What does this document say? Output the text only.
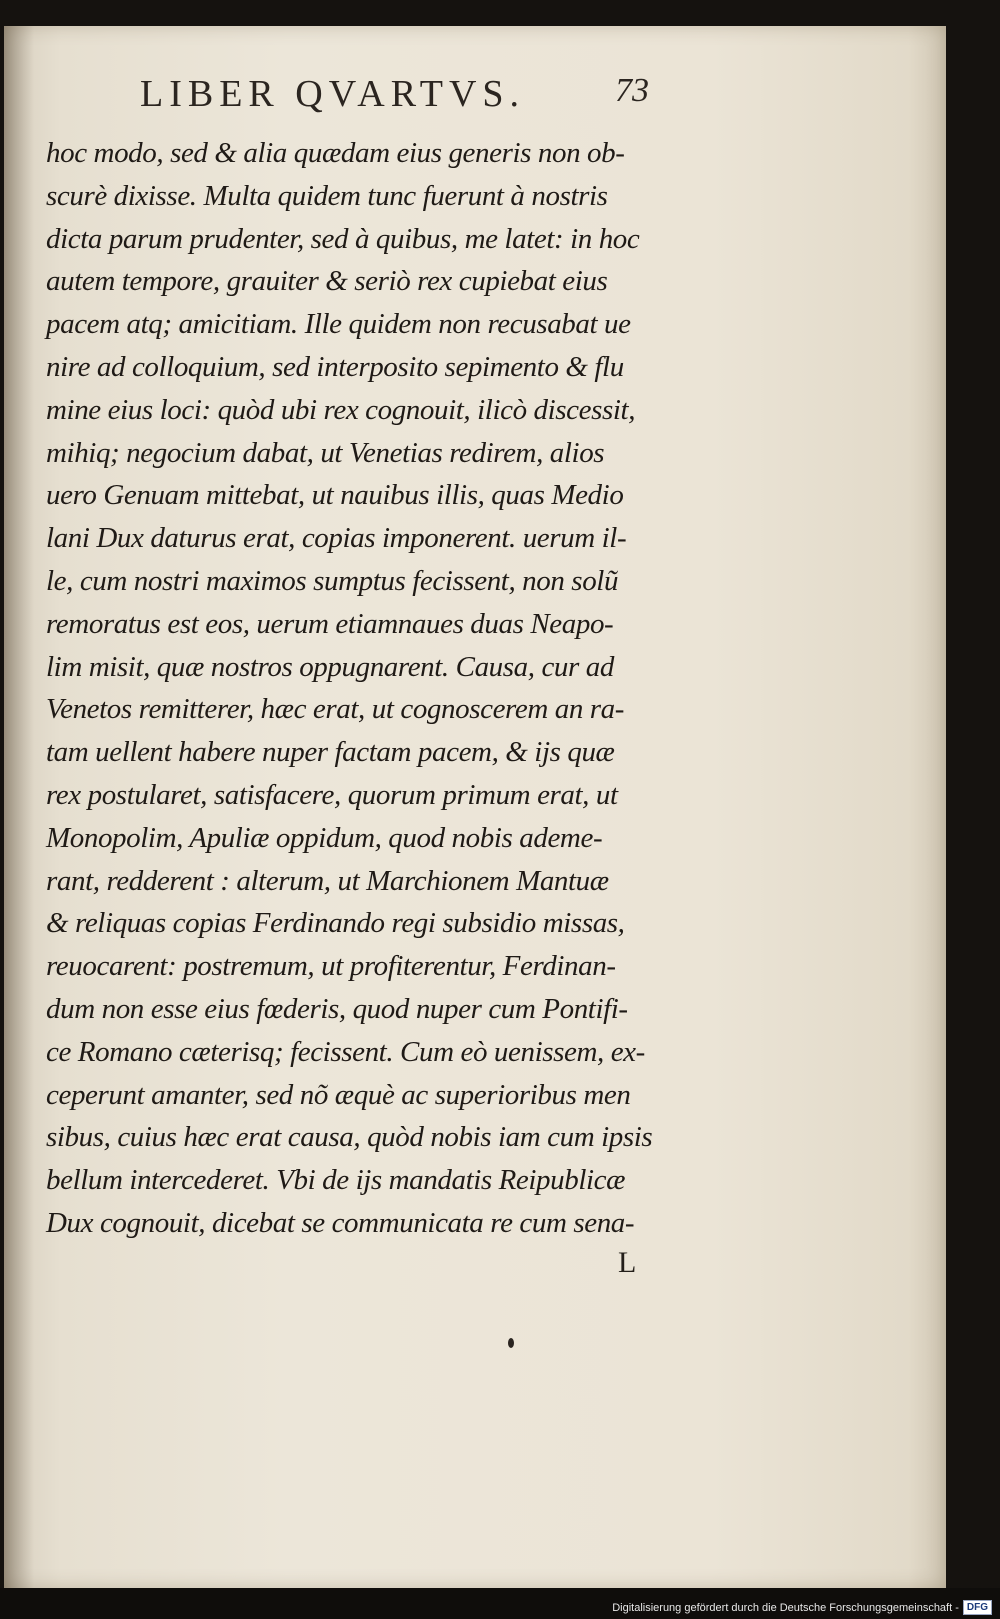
LIBER QVARTVS.	73
hoc modo, sed & alia quædam eius generis non ob-
scurè dixisse. Multa quidem tunc fuerunt à nostris
dicta parum prudenter, sed à quibus, me latet: in hoc
autem tempore, grauiter & seriò rex cupiebat eius
pacem atq; amicitiam. Ille quidem non recusabat ue
nire ad colloquium, sed interposito sepimento & flu
mine eius loci: quòd ubi rex cognouit, ilicò discessit,
mihiq; negocium dabat, ut Venetias redirem, alios
uero Genuam mittebat, ut nauibus illis, quas Medio
lani Dux daturus erat, copias imponerent. uerum il-
le, cum nostri maximos sumptus fecissent, non solũ
remoratus est eos, uerum etiamnaues duas Neapo-
lim misit, quæ nostros oppugnarent. Causa, cur ad
Venetos remitterer, hæc erat, ut cognoscerem an ra-
tam uellent habere nuper factam pacem, & ijs quæ
rex postularet, satisfacere, quorum primum erat, ut
Monopolim, Apuliæ oppidum, quod nobis ademe-
rant, redderent : alterum, ut Marchionem Mantuæ
& reliquas copias Ferdinando regi subsidio missas,
reuocarent: postremum, ut profiterentur, Ferdinan-
dum non esse eius fœderis, quod nuper cum Pontifi-
ce Romano cæterisq; fecissent. Cum eò uenissem, ex-
ceperunt amanter, sed nõ æquè ac superioribus men
sibus, cuius hæc erat causa, quòd nobis iam cum ipsis
bellum intercederet. Vbi de ijs mandatis Reipublicæ
Dux cognouit, dicebat se communicata re cum sena-
L
Digitalisierung gefördert durch die Deutsche Forschungsgemeinschaft - DFG
